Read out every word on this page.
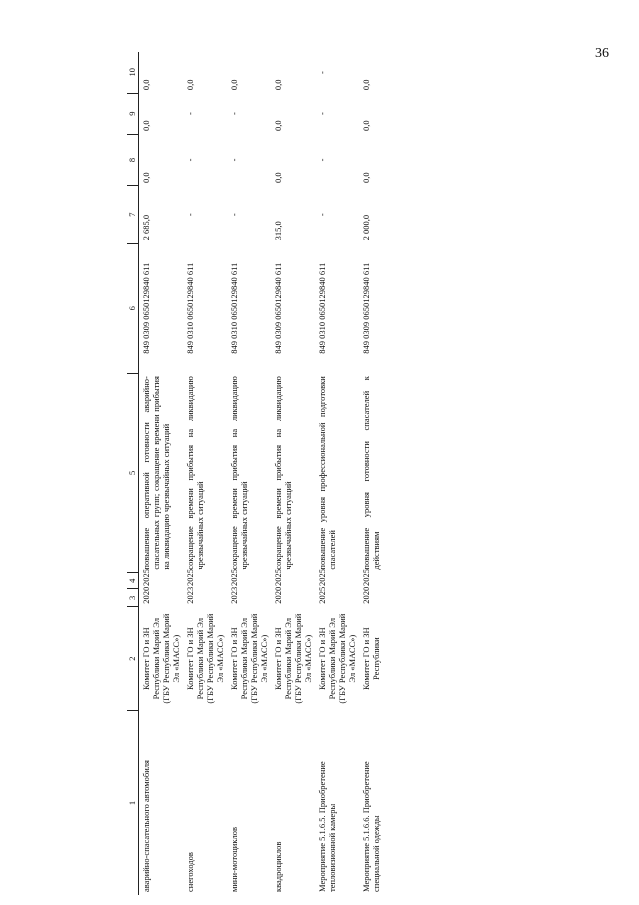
36
1	2	3	4	5	6	7	8	9	10
аварийно-спасательного автомобиля	Комитет ГО и ЗН Республики Марий Эл (ГБУ Республики Марий Эл «МАСС»)	2020	2025	повышение оперативной готовности аварийно-спасательных групп; сокращение времени прибытия на ликвидацию чрезвычайных ситуаций	849 0309 0650129840 611	2 685,0	0,0	0,0	0,0
снегоходов	Комитет ГО и ЗН Республики Марий Эл (ГБУ Республики Марий Эл «МАСС»)	2023	2025	сокращение времени прибытия на ликвидацию чрезвычайных ситуаций	849 0310 0650129840 611	-	-	-	0,0
мини-мотоциклов	Комитет ГО и ЗН Республики Марий Эл (ГБУ Республики Марий Эл «МАСС»)	2023	2025	сокращение времени прибытия на ликвидацию чрезвычайных ситуаций	849 0310 0650129840 611	-	-	-	0,0
квадроциклов	Комитет ГО и ЗН Республики Марий Эл (ГБУ Республики Марий Эл «МАСС»)	2020	2025	сокращение времени прибытия на ликвидацию чрезвычайных ситуаций	849 0309 0650129840 611	315,0	0,0	0,0	0,0
Мероприятие 5.1.6.5. Приобретение тепловизионной камеры	Комитет ГО и ЗН Республики Марий Эл (ГБУ Республики Марий Эл «МАСС»)	2025	2025	повышение уровня профессиональной подготовки спасателей	849 0310 0650129840 611	-	-	-	-
Мероприятие 5.1.6.6. Приобретение специальной одежды	Комитет ГО и ЗН Республики	2020	2025	повышение уровня готовности спасателей к действиям	849 0309 0650129840 611	2 000,0	0,0	0,0	0,0
